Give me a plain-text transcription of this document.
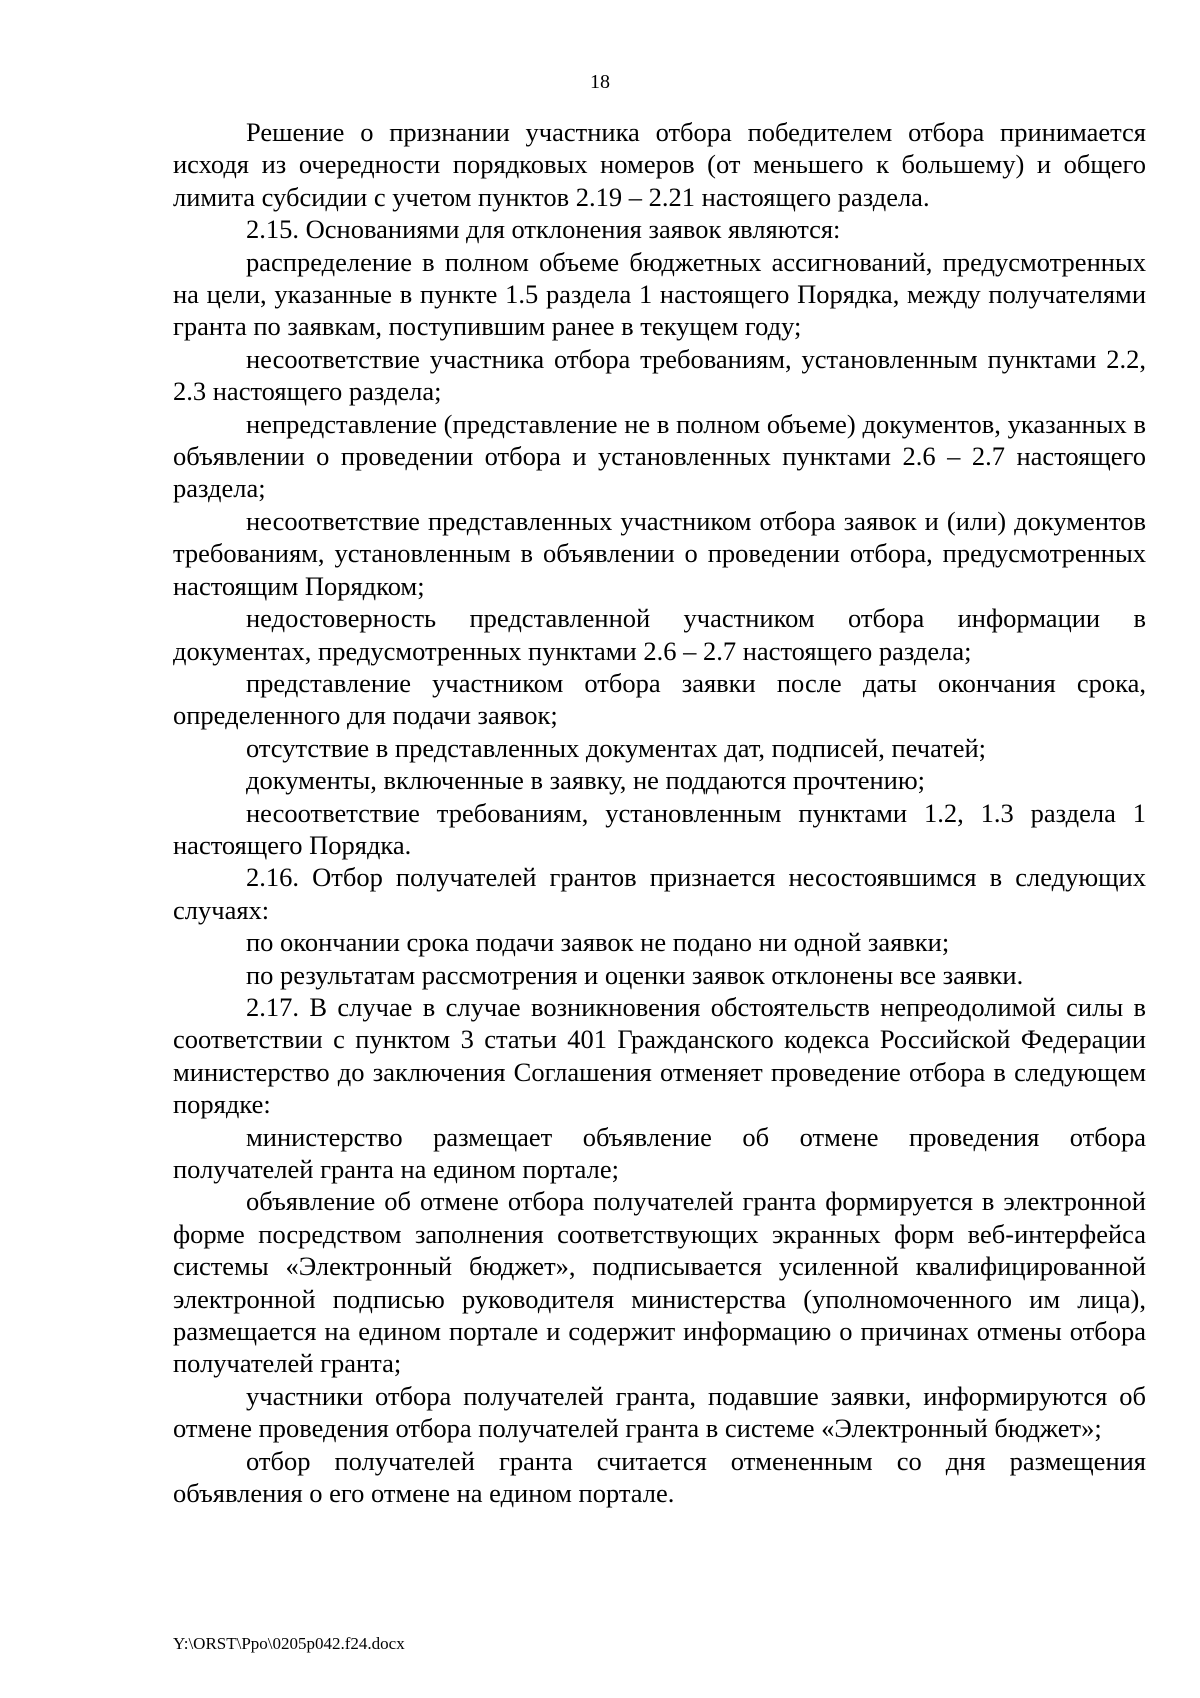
18

Решение о признании участника отбора победителем отбора принимается исходя из очередности порядковых номеров (от меньшего к большему) и общего лимита субсидии с учетом пунктов 2.19 – 2.21 настоящего раздела.

2.15. Основаниями для отклонения заявок являются:

распределение в полном объеме бюджетных ассигнований, предусмотренных на цели, указанные в пункте 1.5 раздела 1 настоящего Порядка, между получателями гранта по заявкам, поступившим ранее в текущем году;

несоответствие участника отбора требованиям, установленным пунктами 2.2, 2.3 настоящего раздела;

непредставление (представление не в полном объеме) документов, указанных в объявлении о проведении отбора и установленных пунктами 2.6 – 2.7 настоящего раздела;

несоответствие представленных участником отбора заявок и (или) документов требованиям, установленным в объявлении о проведении отбора, предусмотренных настоящим Порядком;

недостоверность представленной участником отбора информации в документах, предусмотренных пунктами 2.6 – 2.7 настоящего раздела;

представление участником отбора заявки после даты окончания срока, определенного для подачи заявок;

отсутствие в представленных документах дат, подписей, печатей;

документы, включенные в заявку, не поддаются прочтению;

несоответствие требованиям, установленным пунктами 1.2, 1.3 раздела 1 настоящего Порядка.

2.16. Отбор получателей грантов признается несостоявшимся в следующих случаях:

по окончании срока подачи заявок не подано ни одной заявки;

по результатам рассмотрения и оценки заявок отклонены все заявки.

2.17. В случае в случае возникновения обстоятельств непреодолимой силы в соответствии с пунктом 3 статьи 401 Гражданского кодекса Российской Федерации министерство до заключения Соглашения отменяет проведение отбора в следующем порядке:

министерство размещает объявление об отмене проведения отбора получателей гранта на едином портале;

объявление об отмене отбора получателей гранта формируется в электронной форме посредством заполнения соответствующих экранных форм веб-интерфейса системы «Электронный бюджет», подписывается усиленной квалифицированной электронной подписью руководителя министерства (уполномоченного им лица), размещается на едином портале и содержит информацию о причинах отмены отбора получателей гранта;

участники отбора получателей гранта, подавшие заявки, информируются об отмене проведения отбора получателей гранта в системе «Электронный бюджет»;

отбор получателей гранта считается отмененным со дня размещения объявления о его отмене на едином портале.

Y:\ORST\Ppo\0205p042.f24.docx
